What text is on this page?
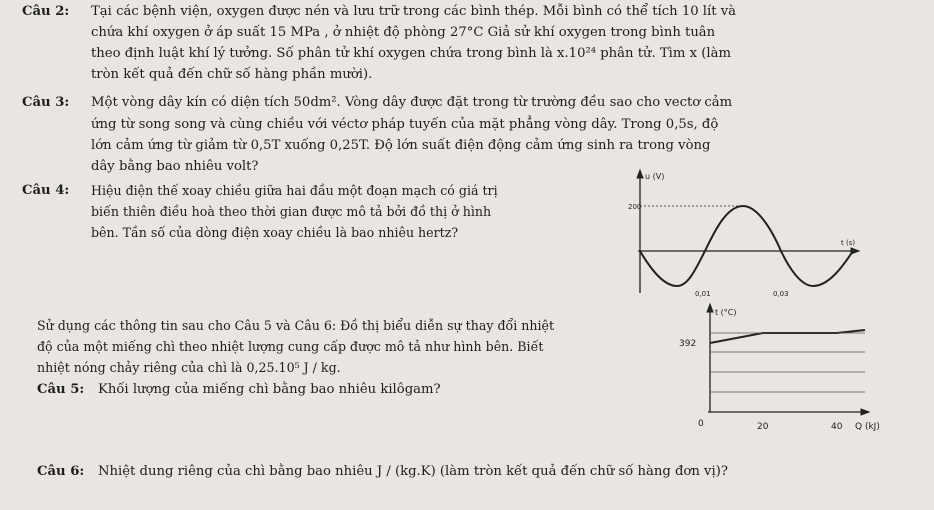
Câu 2: Tại các bệnh viện, oxygen được nén và lưu trữ trong các bình thép. Mỗi bình có thể tích 10 lít và
chứa khí oxygen ở áp suất 15 MPa , ở nhiệt độ phòng 27°C Giả sử khí oxygen trong bình tuân
theo định luật khí lý tưởng. Số phân tử khí oxygen chứa trong bình là x.10²⁴ phân tử. Tìm x (làm
tròn kết quả đến chữ số hàng phần mười).
Câu 3: Một vòng dây kín có diện tích 50dm². Vòng dây được đặt trong từ trường đều sao cho vectơ cảm
ứng từ song song và cùng chiều với véctơ pháp tuyến của mặt phẳng vòng dây. Trong 0,5s, độ
lớn cảm ứng từ giảm từ 0,5T xuống 0,25T. Độ lớn suất điện động cảm ứng sinh ra trong vòng
dây bằng bao nhiêu volt?
Câu 4: Hiệu điện thế xoay chiều giữa hai đầu một đoạn mạch có giá trị
biến thiên điều hoà theo thời gian được mô tả bởi đồ thị ở hình
bên. Tần số của dòng điện xoay chiều là bao nhiêu hertz?
u (V)
200
t (s)
0,01	0,03
Sử dụng các thông tin sau cho Câu 5 và Câu 6: Đồ thị biểu diễn sự thay đổi nhiệt
độ của một miếng chì theo nhiệt lượng cung cấp được mô tả như hình bên. Biết
nhiệt nóng chảy riêng của chì là 0,25.10⁵ J / kg.
Câu 5: Khối lượng của miếng chì bằng bao nhiêu kilôgam?
t (°C)
392
0	20	40 Q (kJ)
Câu 6: Nhiệt dung riêng của chì bằng bao nhiêu J / (kg.K) (làm tròn kết quả đến chữ số hàng đơn vị)?
